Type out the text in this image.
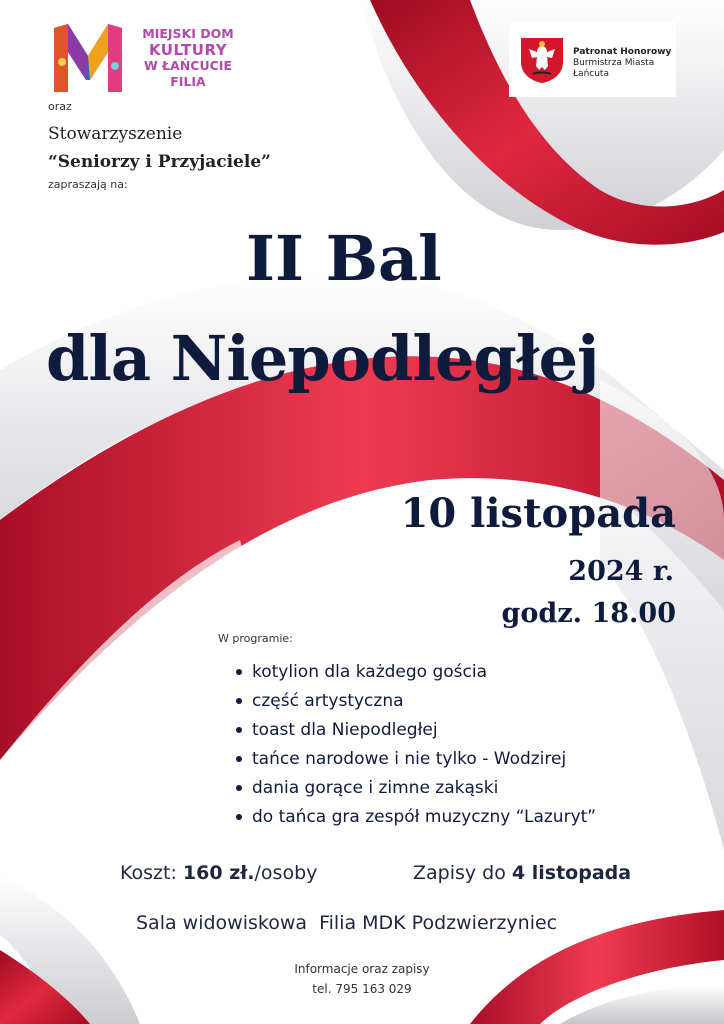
MIEJSKI DOM
KULTURY
W ŁAŃCUCIE
FILIA
Patronat Honorowy
Burmistrza Miasta
Łańcuta
oraz
Stowarzyszenie
“Seniorzy i Przyjaciele”
zapraszają na:
II Bal
dla Niepodległej
10 listopada
2024 r.
godz. 18.00
W programie:
kotylion dla każdego gościa
część artystyczna
toast dla Niepodległej
tańce narodowe i nie tylko - Wodzirej
dania gorące i zimne zakąski
do tańca gra zespół muzyczny “Lazuryt”
Koszt: 160 zł./osoby	Zapisy do 4 listopada
Sala widowiskowa  Filia MDK Podzwierzyniec
Informacje oraz zapisy
tel. 795 163 029
